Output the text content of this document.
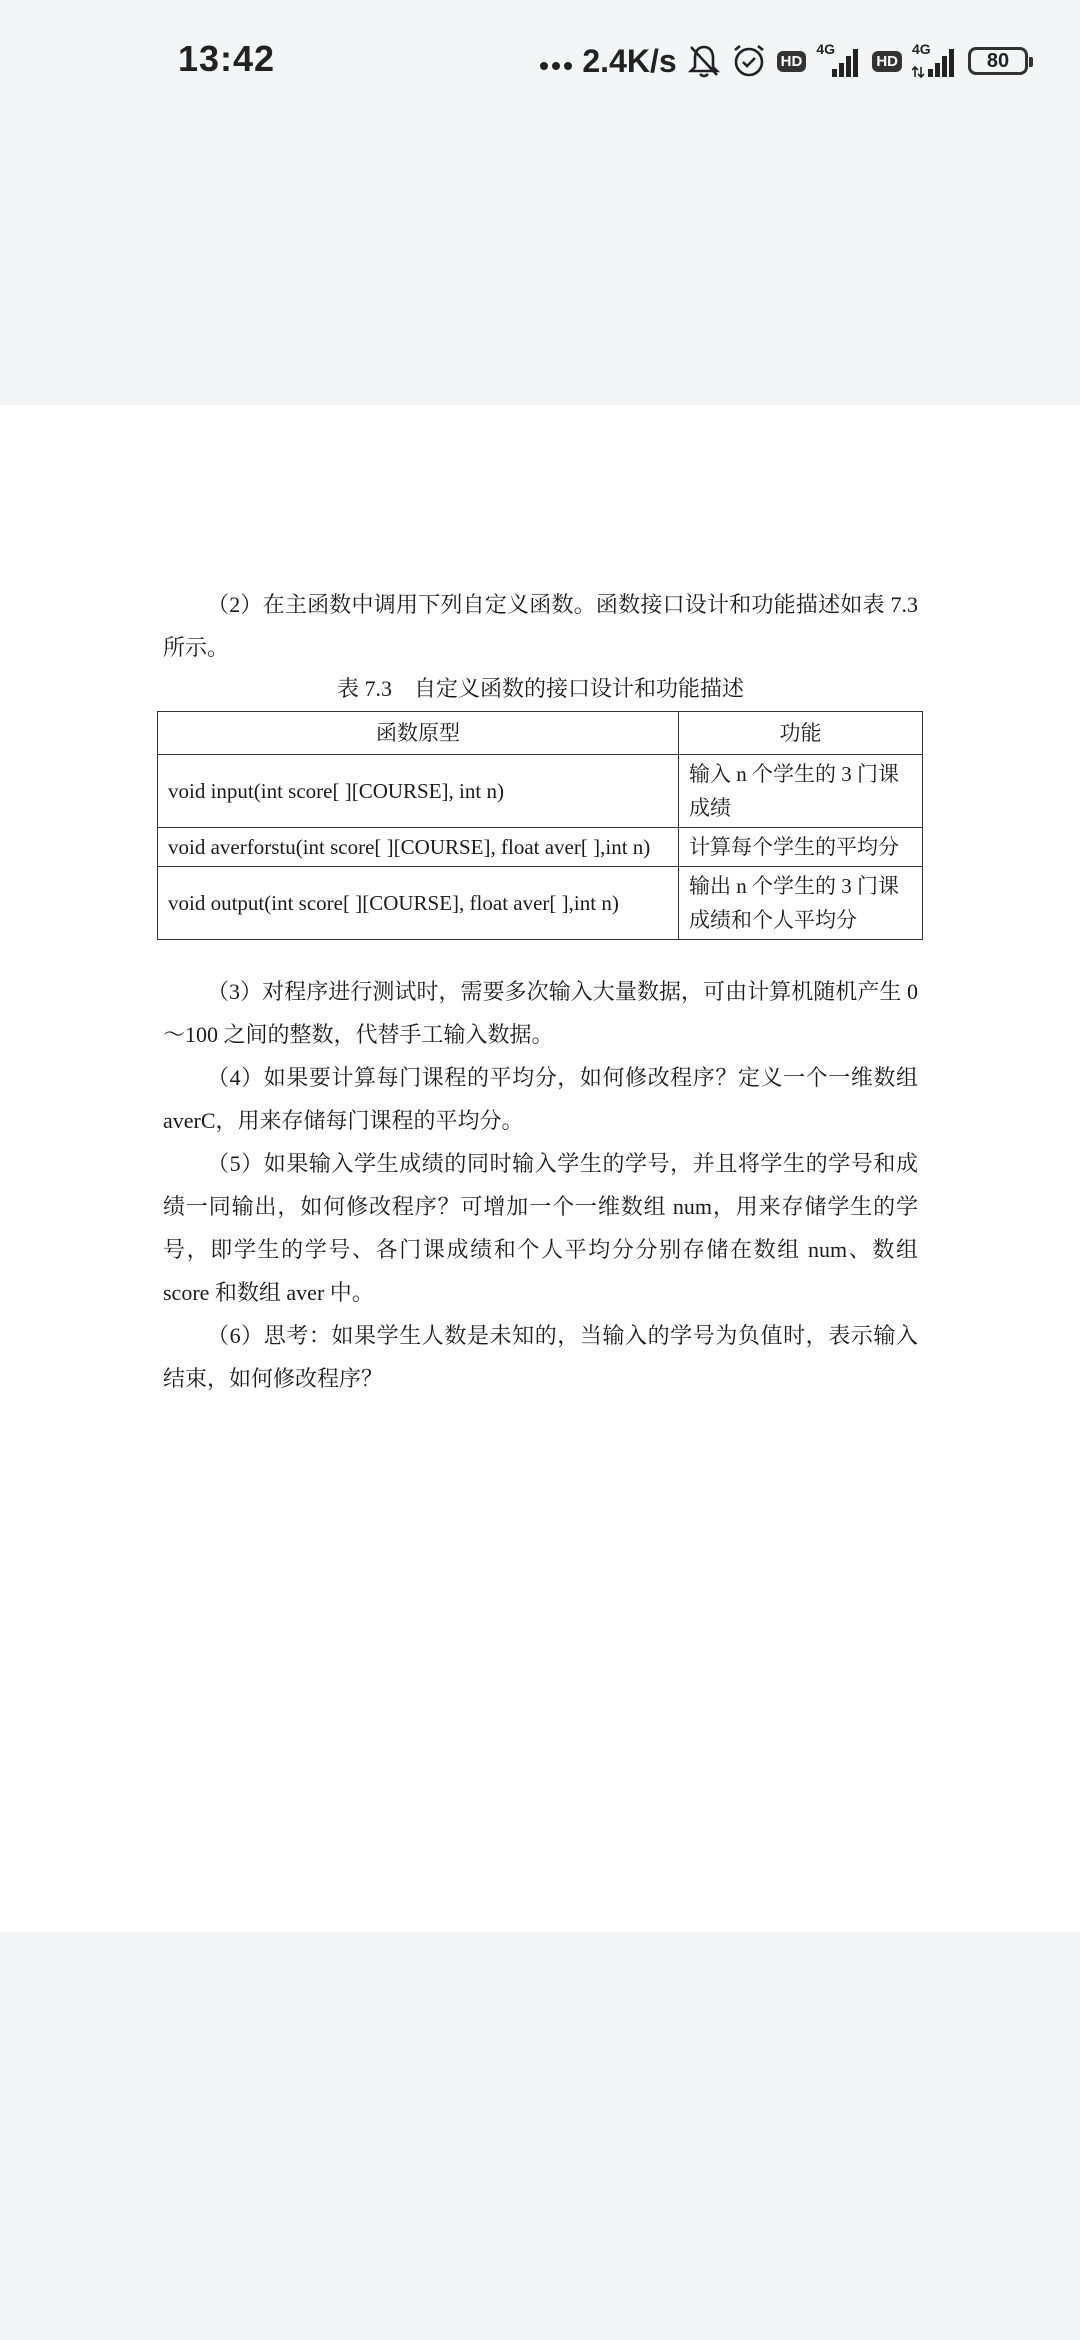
13:42	2.4K/s	HD
4G
HD
4G
80

（2）在主函数中调用下列自定义函数。函数接口设计和功能描述如表 7.3 所示。

表 7.3　自定义函数的接口设计和功能描述

函数原型	功能
void input(int score[ ][COURSE], int n)	输入 n 个学生的 3 门课成绩
void averforstu(int score[ ][COURSE], float aver[ ],int n)	计算每个学生的平均分
void output(int score[ ][COURSE], float aver[ ],int n)	输出 n 个学生的 3 门课成绩和个人平均分

（3）对程序进行测试时，需要多次输入大量数据，可由计算机随机产生 0～100 之间的整数，代替手工输入数据。

（4）如果要计算每门课程的平均分，如何修改程序？定义一个一维数组 averC，用来存储每门课程的平均分。

（5）如果输入学生成绩的同时输入学生的学号，并且将学生的学号和成绩一同输出，如何修改程序？可增加一个一维数组 num，用来存储学生的学号，即学生的学号、各门课成绩和个人平均分分别存储在数组 num、数组 score 和数组 aver 中。

（6）思考：如果学生人数是未知的，当输入的学号为负值时，表示输入结束，如何修改程序？
